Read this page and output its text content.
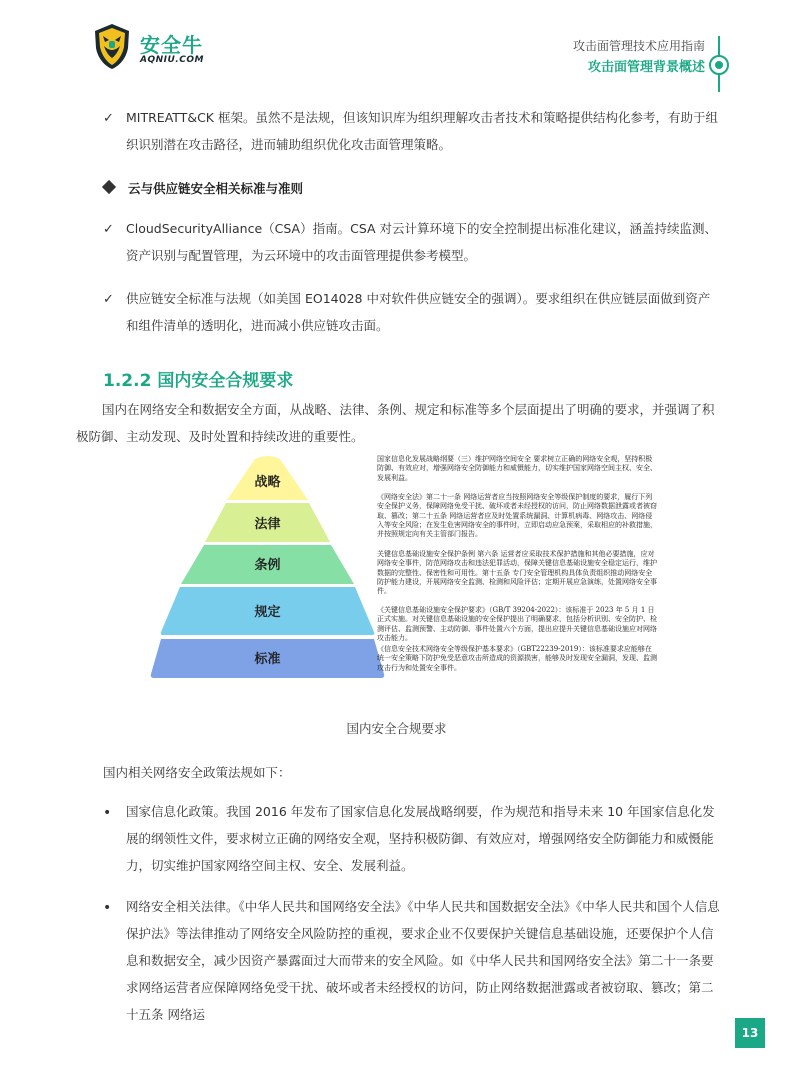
安全牛
AQNIU.COM
攻击面管理技术应用指南
攻击面管理背景概述
✓ MITREATT&CK 框架。虽然不是法规，但该知识库为组织理解攻击者技术和策略提供结构化参考，有助于组织识别潜在攻击路径，进而辅助组织优化攻击面管理策略。
云与供应链安全相关标准与准则
✓ CloudSecurityAlliance（CSA）指南。CSA 对云计算环境下的安全控制提出标准化建议，涵盖持续监测、资产识别与配置管理，为云环境中的攻击面管理提供参考模型。
✓ 供应链安全标准与法规（如美国 EO14028 中对软件供应链安全的强调）。要求组织在供应链层面做到资产和组件清单的透明化，进而减小供应链攻击面。
1.2.2 国内安全合规要求
国内在网络安全和数据安全方面，从战略、法律、条例、规定和标准等多个层面提出了明确的要求，并强调了积极防御、主动发现、及时处置和持续改进的重要性。
战略
法律
条例
规定
标准
国家信息化发展战略纲要（三）维护网络空间安全 要求树立正确的网络安全观，坚持积极防御、有效应对，增强网络安全防御能力和威慑能力，切实维护国家网络空间主权、安全、发展利益。
《网络安全法》第二十一条 网络运营者应当按照网络安全等级保护制度的要求，履行下列安全保护义务，保障网络免受干扰、破坏或者未经授权的访问，防止网络数据泄露或者被窃取、篡改；第二十五条 网络运营者应及时处置系统漏洞、计算机病毒、网络攻击、网络侵入等安全风险；在发生危害网络安全的事件时，立即启动应急预案，采取相应的补救措施，并按照规定向有关主管部门报告。
关键信息基础设施安全保护条例 第六条 运营者应采取技术保护措施和其他必要措施，应对网络安全事件，防范网络攻击和违法犯罪活动，保障关键信息基础设施安全稳定运行，维护数据的完整性、保密性和可用性。第十五条 专门安全管理机构具体负责组织推动网络安全防护能力建设，开展网络安全监测、检测和风险评估；定期开展应急演练，处置网络安全事件。
《关键信息基础设施安全保护要求》（GB/T 39204-2022）：该标准于 2023 年 5 月 1 日正式实施。对关键信息基础设施的安全保护提出了明确要求，包括分析识别、安全防护、检测评估、监测预警、主动防御、事件处置六个方面，提出应提升关键信息基础设施应对网络攻击能力。
《信息安全技术网络安全等级保护基本要求》（GBT22239-2019）：该标准要求应能够在统一安全策略下防护免受恶意攻击所造成的资源损害，能够及时发现安全漏洞，发现、监测攻击行为和处置安全事件。
国内安全合规要求
国内相关网络安全政策法规如下：
• 国家信息化政策。我国 2016 年发布了国家信息化发展战略纲要，作为规范和指导未来 10 年国家信息化发展的纲领性文件，要求树立正确的网络安全观，坚持积极防御、有效应对，增强网络安全防御能力和威慑能力，切实维护国家网络空间主权、安全、发展利益。
• 网络安全相关法律。《中华人民共和国网络安全法》《中华人民共和国数据安全法》《中华人民共和国个人信息保护法》等法律推动了网络安全风险防控的重视，要求企业不仅要保护关键信息基础设施，还要保护个人信息和数据安全，减少因资产暴露面过大而带来的安全风险。如《中华人民共和国网络安全法》第二十一条要求网络运营者应保障网络免受干扰、破坏或者未经授权的访问，防止网络数据泄露或者被窃取、篡改；第二十五条 网络运
13
